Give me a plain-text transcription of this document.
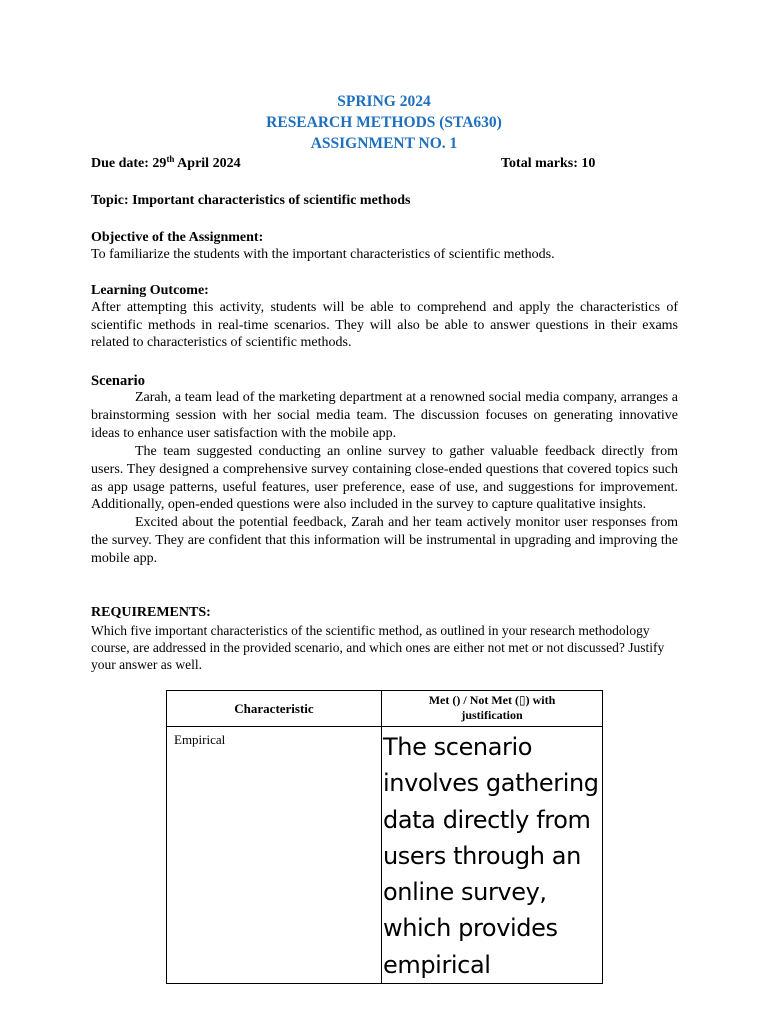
SPRING 2024
RESEARCH METHODS (STA630)
ASSIGNMENT NO. 1
Due date: 29th April 2024	Total marks: 10
Topic: Important characteristics of scientific methods
Objective of the Assignment:
To familiarize the students with the important characteristics of scientific methods.
Learning Outcome:
After attempting this activity, students will be able to comprehend and apply the characteristics of scientific methods in real-time scenarios. They will also be able to answer questions in their exams related to characteristics of scientific methods.
Scenario

Zarah, a team lead of the marketing department at a renowned social media company, arranges a brainstorming session with her social media team. The discussion focuses on generating innovative ideas to enhance user satisfaction with the mobile app.

The team suggested conducting an online survey to gather valuable feedback directly from users. They designed a comprehensive survey containing close-ended questions that covered topics such as app usage patterns, useful features, user preference, ease of use, and suggestions for improvement. Additionally, open-ended questions were also included in the survey to capture qualitative insights.

Excited about the potential feedback, Zarah and her team actively monitor user responses from the survey. They are confident that this information will be instrumental in upgrading and improving the mobile app.

REQUIREMENTS:
Which five important characteristics of the scientific method, as outlined in your research methodology course, are addressed in the provided scenario, and which ones are either not met or not discussed? Justify your answer as well.
Characteristic	Met () / Not Met (▯) with
justification

Empirical	The scenario involves gathering data directly from users through an online survey, which provides empirical
